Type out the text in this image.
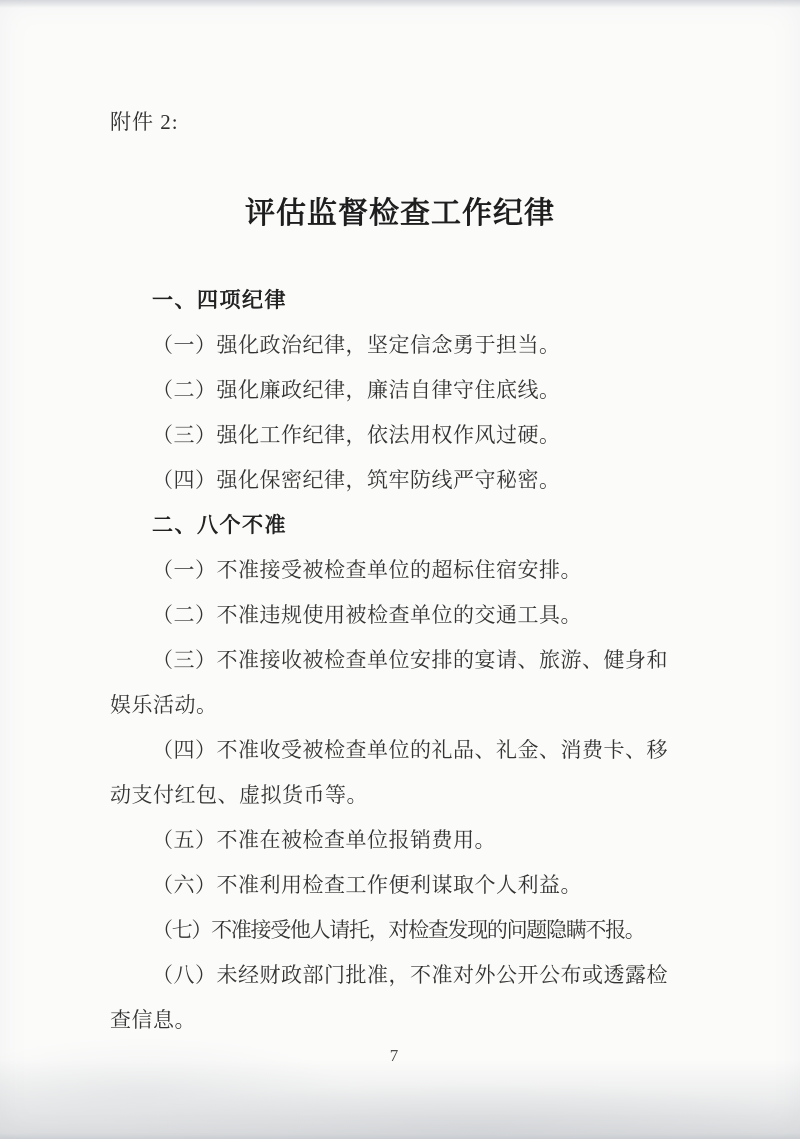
附件 2:
评估监督检查工作纪律
一、四项纪律
（一）强化政治纪律，坚定信念勇于担当。
（二）强化廉政纪律，廉洁自律守住底线。
（三）强化工作纪律，依法用权作风过硬。
（四）强化保密纪律，筑牢防线严守秘密。
二、八个不准
（一）不准接受被检查单位的超标住宿安排。
（二）不准违规使用被检查单位的交通工具。
（三）不准接收被检查单位安排的宴请、旅游、健身和
娱乐活动。
（四）不准收受被检查单位的礼品、礼金、消费卡、移
动支付红包、虚拟货币等。
（五）不准在被检查单位报销费用。
（六）不准利用检查工作便利谋取个人利益。
（七）不准接受他人请托，对检查发现的问题隐瞒不报。
（八）未经财政部门批准，不准对外公开公布或透露检
查信息。
7
